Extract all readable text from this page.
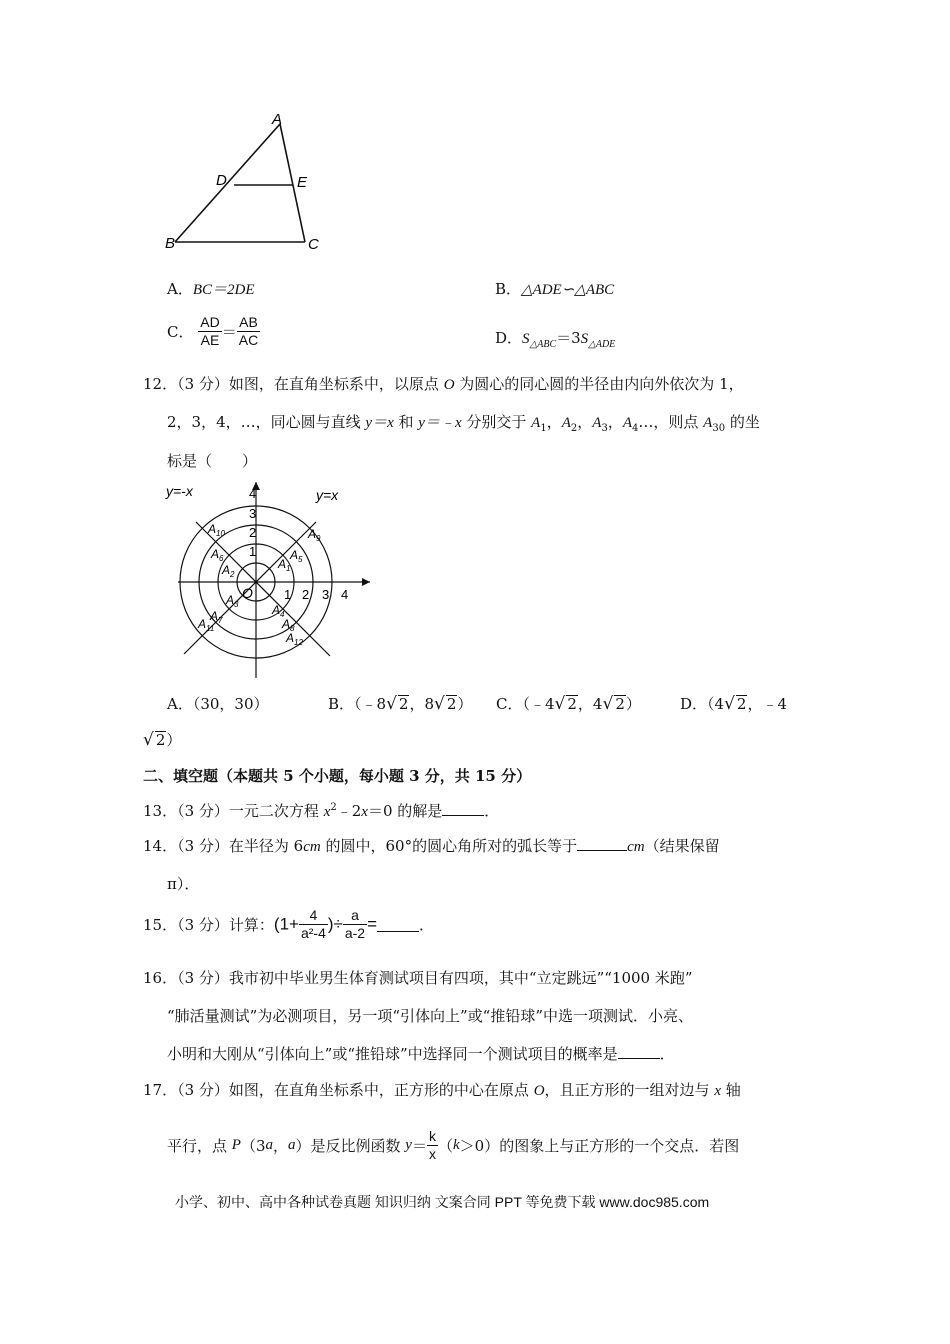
A
D	E
B	C
A．BC＝2DE	B．△ADE∽△ABC
C． $\frac{AD}{AE} = \frac{AB}{AC}$	D．$S_{\triangle ABC}=3S_{\triangle ADE}$
12．（3 分）如图，在直角坐标系中，以原点 O 为圆心的同心圆的半径由内向外依次为 1，
2，3，4，…，同心圆与直线 y＝x 和 y＝﹣x 分别交于 $A_1$，$A_2$，$A_3$，$A_4\dots$，则点 $A_{30}$ 的坐
标是（　　）
y=-x	y=x
1
2
3
4
1 2 3 4
O
$A_1$
$A_2$
$A_3$	$A_4$
$A_5$
$A_6$
$A_7$	$A_8$
$A_9$
$A_{10}$
$A_{11}$
$A_{12}$
A．（30，30）	B．（﹣8√ 2，8√ 2） C．（﹣4√ 2，4√ 2）	D．（4√ 2，﹣4
√ 2）
二、填空题（本题共 5 个小题，每小题 3 分，共 15 分）
13．（3 分）一元二次方程 $x^2﹣2x=0$ 的解是	．
14．（3 分）在半径为 6cm 的圆中，60°的圆心角所对的弧长等于	cm（结果保留
π）．
15．（3 分）计算：($1+ \frac{4}{\text{a²-4}}$ )÷ $\frac{a}{a-2}$ =	．
16．（3 分）我市初中毕业男生体育测试项目有四项，其中“立定跳远”“1000 米跑”
“肺活量测试”为必测项目，另一项“引体向上”或“推铅球”中选一项测试．小亮、
小明和大刚从“引体向上”或“推铅球”中选择同一个测试项目的概率是	．
17．（3 分）如图，在直角坐标系中，正方形的中心在原点 O，且正方形的一组对边与 x 轴
平行，点 P（3a，a）是反比例函数 $y= \frac{k}{x} (k>0)$的图象上与正方形的一个交点．若图
小学、初中、高中各种试卷真题 知识归纳 文案合同 PPT 等免费下载 www.doc985.com
